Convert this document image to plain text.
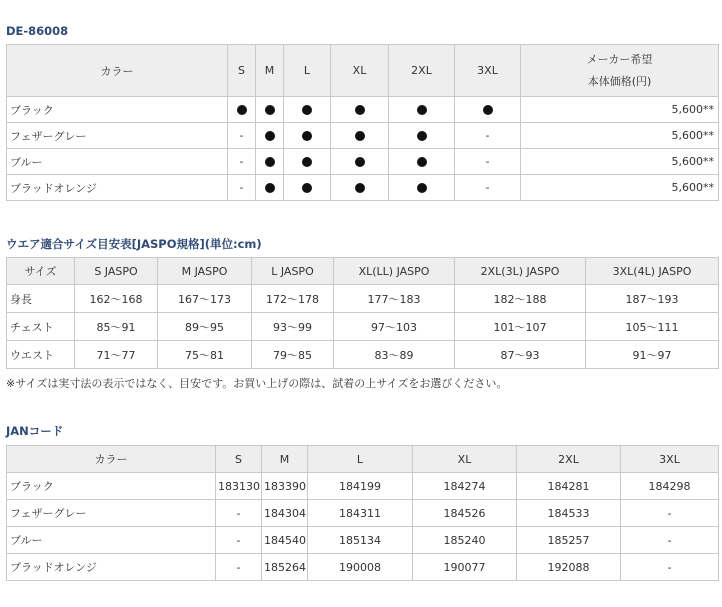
DE-86008
カラー	S	M	L	XL	2XL	3XL	メーカー希望
本体価格(円)

ブラック							5,600**
フェザーグレー	-					-	5,600**
ブルー	-					-	5,600**
ブラッドオレンジ	-					-	5,600**
ウエア適合サイズ目安表[JASPO規格](単位:cm)
サイズ	S JASPO	M JASPO	L JASPO	XL(LL) JASPO	2XL(3L) JASPO	3XL(4L) JASPO
身長	162～168	167～173	172～178	177～183	182～188	187～193
チェスト	85～91	89～95	93～99	97～103	101～107	105～111
ウエスト	71～77	75～81	79～85	83～89	87～93	91～97
※サイズは実寸法の表示ではなく、目安です。お買い上げの際は、試着の上サイズをお選びください。
JANコード
カラー	S	M	L	XL	2XL	3XL
ブラック	183130	183390	184199	184274	184281	184298
フェザーグレー	-	184304	184311	184526	184533	-
ブルー	-	184540	185134	185240	185257	-
ブラッドオレンジ	-	185264	190008	190077	192088	-
